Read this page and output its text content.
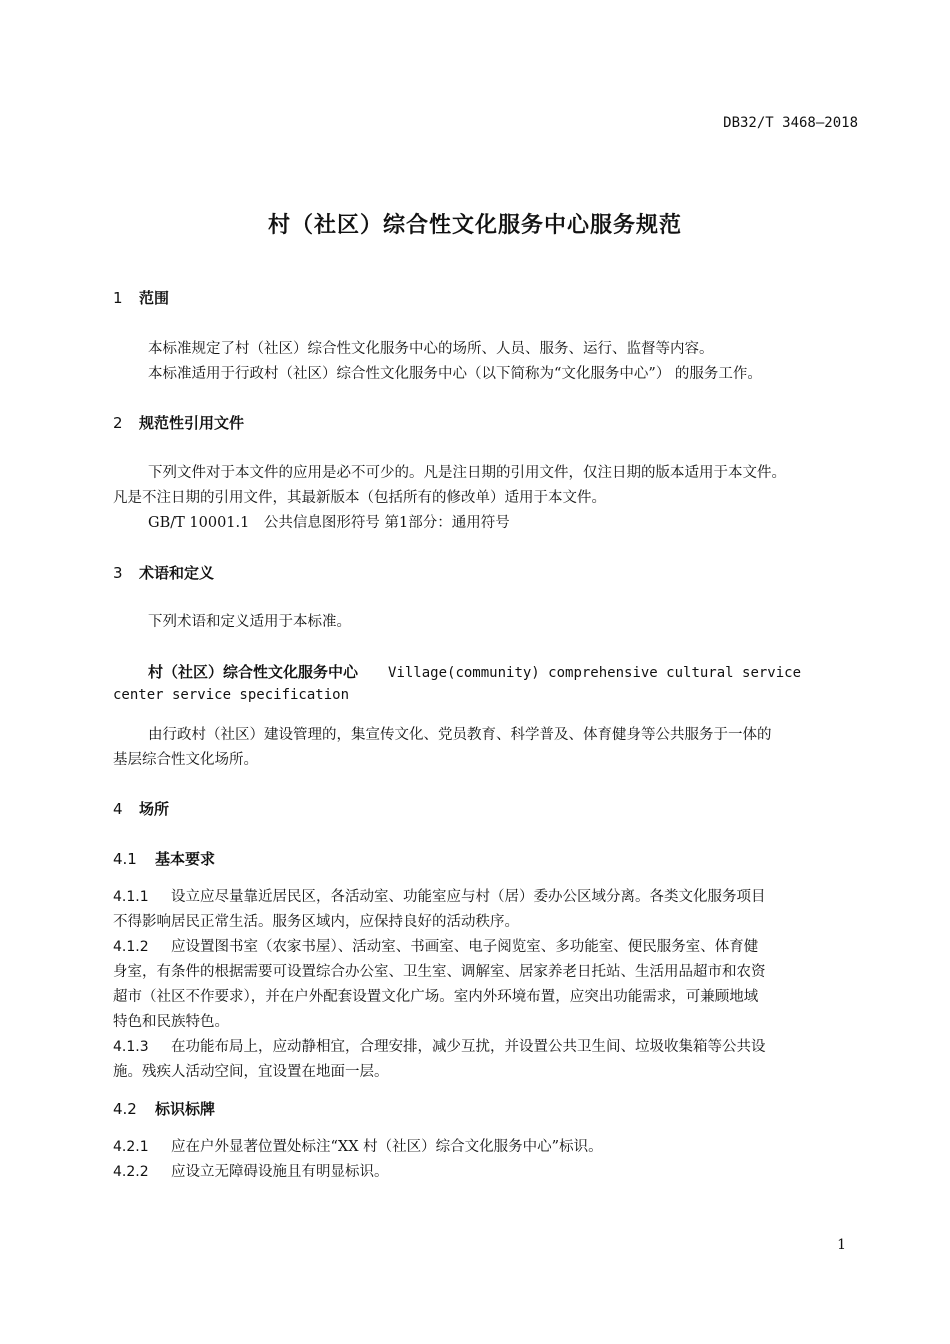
DB32/T 3468—2018
村（社区）综合性文化服务中心服务规范
1 范围
本标准规定了村（社区）综合性文化服务中心的场所、人员、服务、运行、监督等内容。
本标准适用于行政村（社区）综合性文化服务中心（以下简称为“文化服务中心”） 的服务工作。
2 规范性引用文件
下列文件对于本文件的应用是必不可少的。凡是注日期的引用文件，仅注日期的版本适用于本文件。
凡是不注日期的引用文件，其最新版本（包括所有的修改单）适用于本文件。
GB/T 10001.1　公共信息图形符号 第1部分：通用符号
3 术语和定义
下列术语和定义适用于本标准。
村（社区）综合性文化服务中心 Village(community) comprehensive cultural service
center service specification
由行政村（社区）建设管理的，集宣传文化、党员教育、科学普及、体育健身等公共服务于一体的
基层综合性文化场所。
4 场所
4.1 基本要求
4.1.1 设立应尽量靠近居民区，各活动室、功能室应与村（居）委办公区域分离。各类文化服务项目
不得影响居民正常生活。服务区域内，应保持良好的活动秩序。
4.1.2 应设置图书室（农家书屋）、活动室、书画室、电子阅览室、多功能室、便民服务室、体育健
身室，有条件的根据需要可设置综合办公室、卫生室、调解室、居家养老日托站、生活用品超市和农资
超市（社区不作要求），并在户外配套设置文化广场。室内外环境布置，应突出功能需求，可兼顾地域
特色和民族特色。
4.1.3 在功能布局上，应动静相宜，合理安排，减少互扰，并设置公共卫生间、垃圾收集箱等公共设
施。残疾人活动空间，宜设置在地面一层。
4.2 标识标牌
4.2.1 应在户外显著位置处标注“XX 村（社区）综合文化服务中心”标识。
4.2.2 应设立无障碍设施且有明显标识。
1
